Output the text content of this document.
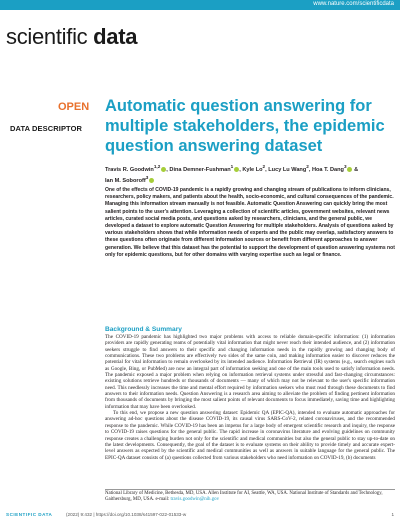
www.nature.com/scientificdata
scientific data
OPEN
DATA DESCRIPTOR
Automatic question answering for multiple stakeholders, the epidemic question answering dataset
Travis R. Goodwin$^{1,2}$, Dina Demner-Fushman$^1$, Kyle Lo$^2$, Lucy Lu Wang$^2$, Hoa T. Dang$^3$ &
Ian M. Soboroff$^3$

One of the effects of COVID-19 pandemic is a rapidly growing and changing stream of publications to inform clinicians, researchers, policy makers, and patients about the health, socio-economic, and cultural consequences of the pandemic. Managing this information stream manually is not feasible. Automatic Question Answering can quickly bring the most salient points to the user's attention. Leveraging a collection of scientific articles, government websites, relevant news articles, curated social media posts, and questions asked by researchers, clinicians, and the general public, we developed a dataset to explore automatic Question Answering for multiple stakeholders. Analysis of questions asked by various stakeholders shows that while information needs of experts and the public may overlap, satisfactory answers to these questions often originate from different information sources or benefit from different approaches to answer generation. We believe that this dataset has the potential to support the development of question answering systems not only for epidemic questions, but for other domains with varying expertise such as legal or finance.

Background & Summary

The COVID-19 pandemic has highlighted two major problems with access to reliable domain-specific information: (1) information providers are rapidly generating reams of potentially vital information that might never reach their intended audience, and (2) information seekers struggle to find answers to their specific and changing information needs in the rapidly growing and changing body of communications. These two problems are effectively two sides of the same coin, and making information easier to discover reduces the potential for vital information to remain overlooked by its intended audience. Information Retrieval (IR) systems (e.g., search engines such as Google, Bing, or PubMed) are now an integral part of information seeking and one of the main tools used to satisfy information needs. The pandemic exposed a major problem when relying on information retrieval systems under stressful and fast-changing circumstances: existing solutions retrieve hundreds or thousands of documents — many of which may not be relevant to the user's specific information need. This needlessly increases the time and mental effort required by information seekers who must read through these documents to find answers to their information needs. Question Answering is a research area aiming to alleviate the problem of finding pertinent information from thousands of documents by bringing the most salient points of relevant documents to focus immediately, saving time and highlighting information that may have been overlooked.

To this end, we propose a new question answering dataset: Epidemic QA (EPIC-QA), intended to evaluate automatic approaches for answering ad-hoc questions about the disease COVID-19, its causal virus SARS-CoV-2, related coronaviruses, and the recommended response to the pandemic. While COVID-19 has been an impetus for a large body of emergent scientific research and inquiry, the response to COVID-19 raises questions for the general public. The rapid increase in coronavirus literature and evolving guidelines on community response creates a challenging burden not only for the scientific and medical communities but also the general public to stay up-to-date on the latest developments. Consequently, the goal of the dataset is to evaluate systems on their ability to provide timely and accurate expert-level answers as expected by the scientific and medical communities as well as answers in suitable language for the general public. The EPIC-QA dataset consists of (a) questions collected from various stakeholders who need information on COVID-19, (b) documents

National Library of Medicine, Bethesda, MD, USA. Allen Institute for AI, Seattle, WA, USA. National Institute of Standards and Technology, Gaithersburg, MD, USA. e-mail: travis.goodwin@nih.gov
SCIENTIFIC DATA	(2022) 9:432 | https://doi.org/10.1038/s41597-022-01533-w	1
